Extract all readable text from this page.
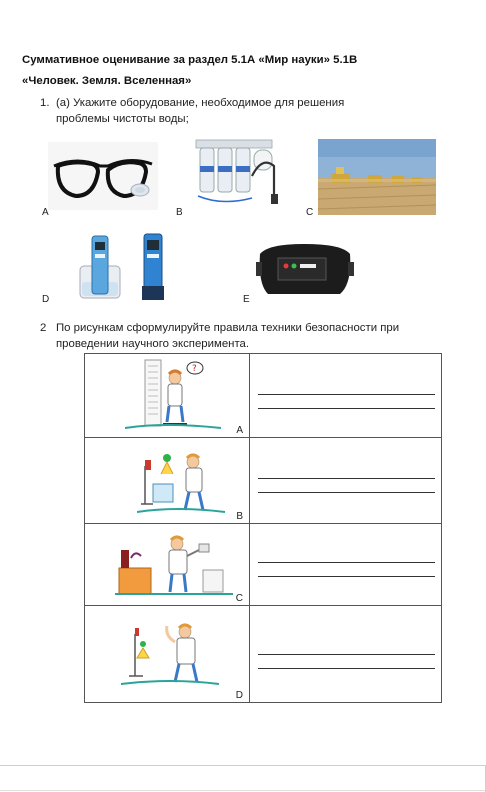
Суммативное оценивание за раздел 5.1А «Мир науки» 5.1В
«Человек. Земля. Вселенная»
1. (а) Укажите оборудование, необходимое для решения
проблемы чистоты воды;
A	B	C
D	E
2 По рисункам сформулируйте правила техники безопасности при
проведении научного эксперимента.
?
A	

B	

C	

D	
